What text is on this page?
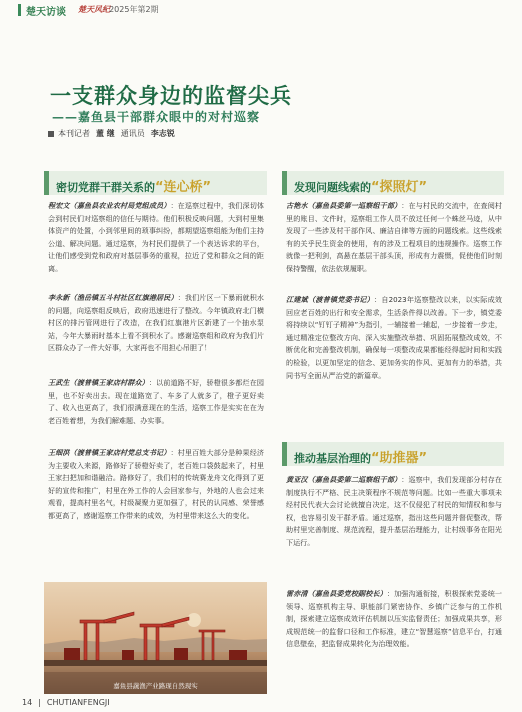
楚天访谈 楚天风纪
· 2025年第2期
一支群众身边的监督尖兵
——嘉鱼县干部群众眼中的对村巡察
本刊记者 董 继 通讯员 李志锐
密切党群干群关系的“连心桥”	发现问题线索的“探照灯”
程宏文（嘉鱼县农业农村局党组成员）：在巡察过程中，我们深切体会到村民们对巡察组的信任与期待。他们积极反映问题，大到村里集体资产的处置，小到邻里间的琐事纠纷，都期望巡察组能为他们主持公道、解决问题。通过巡察，为村民们提供了一个表达诉求的平台，让他们感受到党和政府对基层事务的重视，拉近了党和群众之间的距离。
李永新（渔岳镇五斗村社区红旗港居民）：我们片区一下暴雨就积水的问题，向巡察组反映后，政府迅速进行了整改。今年镇政府北门横村区的排污管网进行了改造，在我们红旗港片区新建了一个抽水泵站，今年大暴雨时基本上看不到积水了。感谢巡察组和政府为我们片区群众办了一件大好事，大家再也不用担心吊胆了！
王武生（渡普镇王家店村群众）：以前道路不好，骄橙很多都烂在园里，也不好卖出去。现在道路宽了、车多了人就多了，橙子更好卖了、收入也更高了，我们很满意现在的生活，巡察工作是实实在在为老百姓着想，为我们解难题、办实事。
王细洪（渡普镇王家店村党总支书记）：村里百姓大部分是种果经济为主要收入来源，路修好了骄橙好卖了，老百姓口袋鼓起来了，村里王家扫把加和谐融洽。路修好了，我们村的传统赛龙舟文化得到了更好的宣传和推广，村里在外工作的人会回家参与，外地的人也会过来观看，提高村里名气，村级凝聚力更加强了，村民的认同感、荣誉感都更高了，感谢巡察工作带来的成效，为村里带来这么大的变化。
古艳水（嘉鱼县委第一巡察组干部）：在与村民的交流中，在查阅村里的账目、文件时，巡察组工作人员不放过任何一个蛛丝马迹，从中发现了一些涉及村干部作风、廉洁自律等方面的问题线索。这些线索有的关乎民生资金的使用，有的涉及工程项目的违规操作。巡察工作就像一把利剑，高悬在基层干部头顶，形成有力震慑，促使他们时刻保持警醒，依法依规履职。
江建斌（渡普镇党委书记）：自2023年巡察整改以来，以实际成效回应老百姓的出行和安全需求，生活条件得以改善。下一步，镇党委将持续以“钉钉子精神”为指引，一辅接着一辅起，一步接着一步走，通过精准定位整改方向、深入实施整改举措、巩固拓展整改成效，不断优化和完善整改机制，确保每一项整改成果都能经得起时间和实践的检验，以更加坚定的信念、更加务实的作风、更加有力的举措，共同书写全面从严治党的新篇章。
推动基层治理的“助推器”
黄亚汉（嘉鱼县委第二巡察组干部）：巡察中，我们发现部分村存在制度执行不严格、民主决策程序不规范等问题。比如一些重大事项未经村民代表大会讨论就擅自决定，这不仅侵犯了村民的知情权和参与权，也容易引发干群矛盾。通过巡察，指出这些问题并督促整改，帮助村里完善制度、规范流程，提升基层治理能力，让村级事务在阳光下运行。
雷赤清（嘉鱼县委党校副校长）：加强沟通衔接，积极探索党委统一领导、巡察机构主导、职能部门紧密协作、乡镇广泛参与的工作机制，探索建立巡察成效评估机制以压实监督责任；加强成果共享，形成规范统一的监督口径和工作标准，建立“智慧巡察”信息平台，打通信息壁垒，把监督成果转化为治理效能。
嘉鱼县蔬渔产业路现自然现实
14 | CHUTIANFENGJI
